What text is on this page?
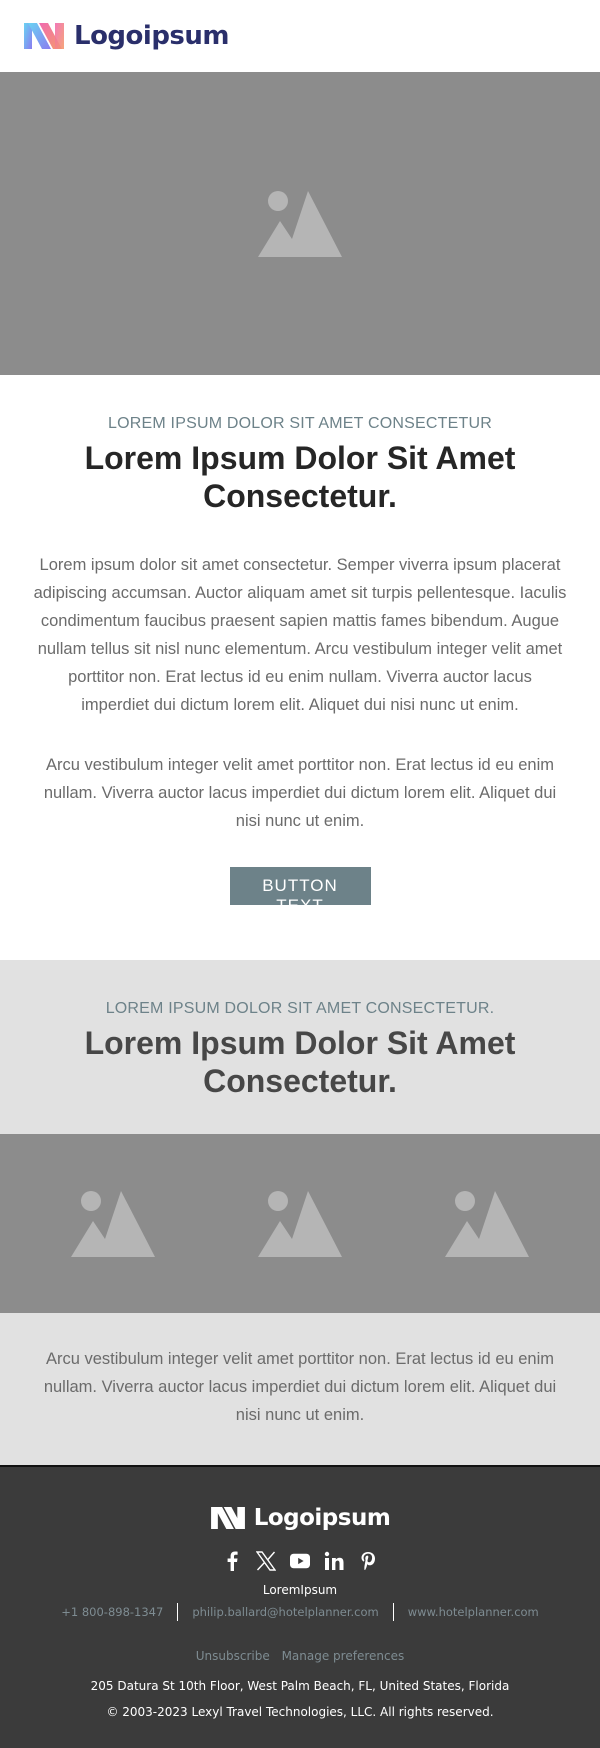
Logoipsum
LOREM IPSUM DOLOR SIT AMET CONSECTETUR
Lorem Ipsum Dolor Sit Amet
Consectetur.

Lorem ipsum dolor sit amet consectetur. Semper viverra ipsum placerat adipiscing accumsan. Auctor aliquam amet sit turpis pellentesque. Iaculis condimentum faucibus praesent sapien mattis fames bibendum. Augue nullam tellus sit nisl nunc elementum. Arcu vestibulum integer velit amet porttitor non. Erat lectus id eu enim nullam. Viverra auctor lacus imperdiet dui dictum lorem elit. Aliquet dui nisi nunc ut enim.

Arcu vestibulum integer velit amet porttitor non. Erat lectus id eu enim nullam. Viverra auctor lacus imperdiet dui dictum lorem elit. Aliquet dui nisi nunc ut enim.

BUTTON TEXT
LOREM IPSUM DOLOR SIT AMET CONSECTETUR.
Lorem Ipsum Dolor Sit Amet
Consectetur.

Arcu vestibulum integer velit amet porttitor non. Erat lectus id eu enim nullam. Viverra auctor lacus imperdiet dui dictum lorem elit. Aliquet dui nisi nunc ut enim.

Logoipsum
LoremIpsum
+1 800-898-1347	philip.ballard@hotelplanner.com	www.hotelplanner.com
Unsubscribe Manage preferences
205 Datura St 10th Floor, West Palm Beach, FL, United States, Florida
© 2003-2023 Lexyl Travel Technologies, LLC. All rights reserved.
